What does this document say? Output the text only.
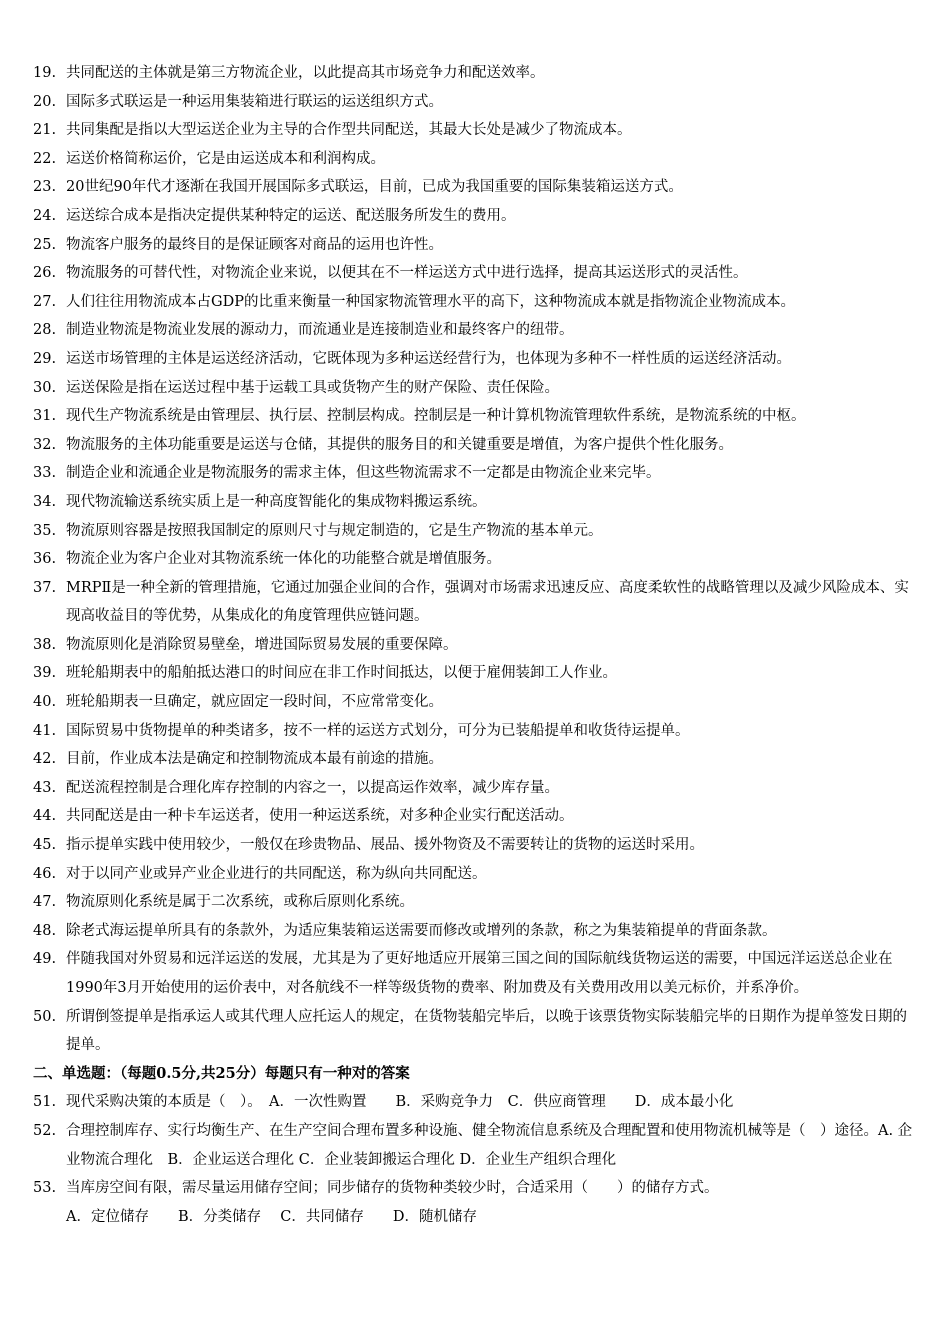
19. 共同配送的主体就是第三方物流企业，以此提高其市场竞争力和配送效率。
20. 国际多式联运是一种运用集装箱进行联运的运送组织方式。
21. 共同集配是指以大型运送企业为主导的合作型共同配送，其最大长处是减少了物流成本。
22. 运送价格简称运价，它是由运送成本和利润构成。
23. 20世纪90年代才逐渐在我国开展国际多式联运，目前，已成为我国重要的国际集装箱运送方式。
24. 运送综合成本是指决定提供某种特定的运送、配送服务所发生的费用。
25. 物流客户服务的最终目的是保证顾客对商品的运用也许性。
26. 物流服务的可替代性，对物流企业来说，以便其在不一样运送方式中进行选择，提高其运送形式的灵活性。
27. 人们往往用物流成本占GDP的比重来衡量一种国家物流管理水平的高下，这种物流成本就是指物流企业物流成本。
28. 制造业物流是物流业发展的源动力，而流通业是连接制造业和最终客户的纽带。
29. 运送市场管理的主体是运送经济活动，它既体现为多种运送经营行为，也体现为多种不一样性质的运送经济活动。
30. 运送保险是指在运送过程中基于运载工具或货物产生的财产保险、责任保险。
31. 现代生产物流系统是由管理层、执行层、控制层构成。控制层是一种计算机物流管理软件系统，是物流系统的中枢。
32. 物流服务的主体功能重要是运送与仓储，其提供的服务目的和关键重要是增值，为客户提供个性化服务。
33. 制造企业和流通企业是物流服务的需求主体，但这些物流需求不一定都是由物流企业来完毕。
34. 现代物流输送系统实质上是一种高度智能化的集成物料搬运系统。
35. 物流原则容器是按照我国制定的原则尺寸与规定制造的，它是生产物流的基本单元。
36. 物流企业为客户企业对其物流系统一体化的功能整合就是增值服务。
37. MRPⅡ是一种全新的管理措施，它通过加强企业间的合作，强调对市场需求迅速反应、高度柔软性的战略管理以及减少风险成本、实现高收益目的等优势，从集成化的角度管理供应链问题。
38. 物流原则化是消除贸易壁垒，增进国际贸易发展的重要保障。
39. 班轮船期表中的船舶抵达港口的时间应在非工作时间抵达，以便于雇佣装卸工人作业。
40. 班轮船期表一旦确定，就应固定一段时间，不应常常变化。
41. 国际贸易中货物提单的种类诸多，按不一样的运送方式划分，可分为已装船提单和收货待运提单。
42. 目前，作业成本法是确定和控制物流成本最有前途的措施。
43. 配送流程控制是合理化库存控制的内容之一，以提高运作效率，减少库存量。
44. 共同配送是由一种卡车运送者，使用一种运送系统，对多种企业实行配送活动。
45. 指示提单实践中使用较少，一般仅在珍贵物品、展品、援外物资及不需要转让的货物的运送时采用。
46. 对于以同产业或异产业企业进行的共同配送，称为纵向共同配送。
47. 物流原则化系统是属于二次系统，或称后原则化系统。
48. 除老式海运提单所具有的条款外，为适应集装箱运送需要而修改或增列的条款，称之为集装箱提单的背面条款。
49. 伴随我国对外贸易和远洋运送的发展，尤其是为了更好地适应开展第三国之间的国际航线货物运送的需要，中国远洋运送总企业在1990年3月开始使用的运价表中，对各航线不一样等级货物的费率、附加费及有关费用改用以美元标价，并系净价。
50. 所谓倒签提单是指承运人或其代理人应托运人的规定，在货物装船完毕后，以晚于该票货物实际装船完毕的日期作为提单签发日期的提单。
二、单选题：（每题0.5分,共25分）每题只有一种对的答案
51. 现代采购决策的本质是（　）。　A．一次性购置　　B．采购竞争力　C．供应商管理　　D．成本最小化
52. 合理控制库存、实行均衡生产、在生产空间合理布置多种设施、健全物流信息系统及合理配置和使用物流机械等是（　）途径。A. 企业物流合理化　B．企业运送合理化 C．企业装卸搬运合理化 D．企业生产组织合理化
53. 当库房空间有限，需尽量运用储存空间；同步储存的货物种类较少时，合适采用（　　）的储存方式。
A．定位储存　　B．分类储存　 C．共同储存　　D．随机储存
